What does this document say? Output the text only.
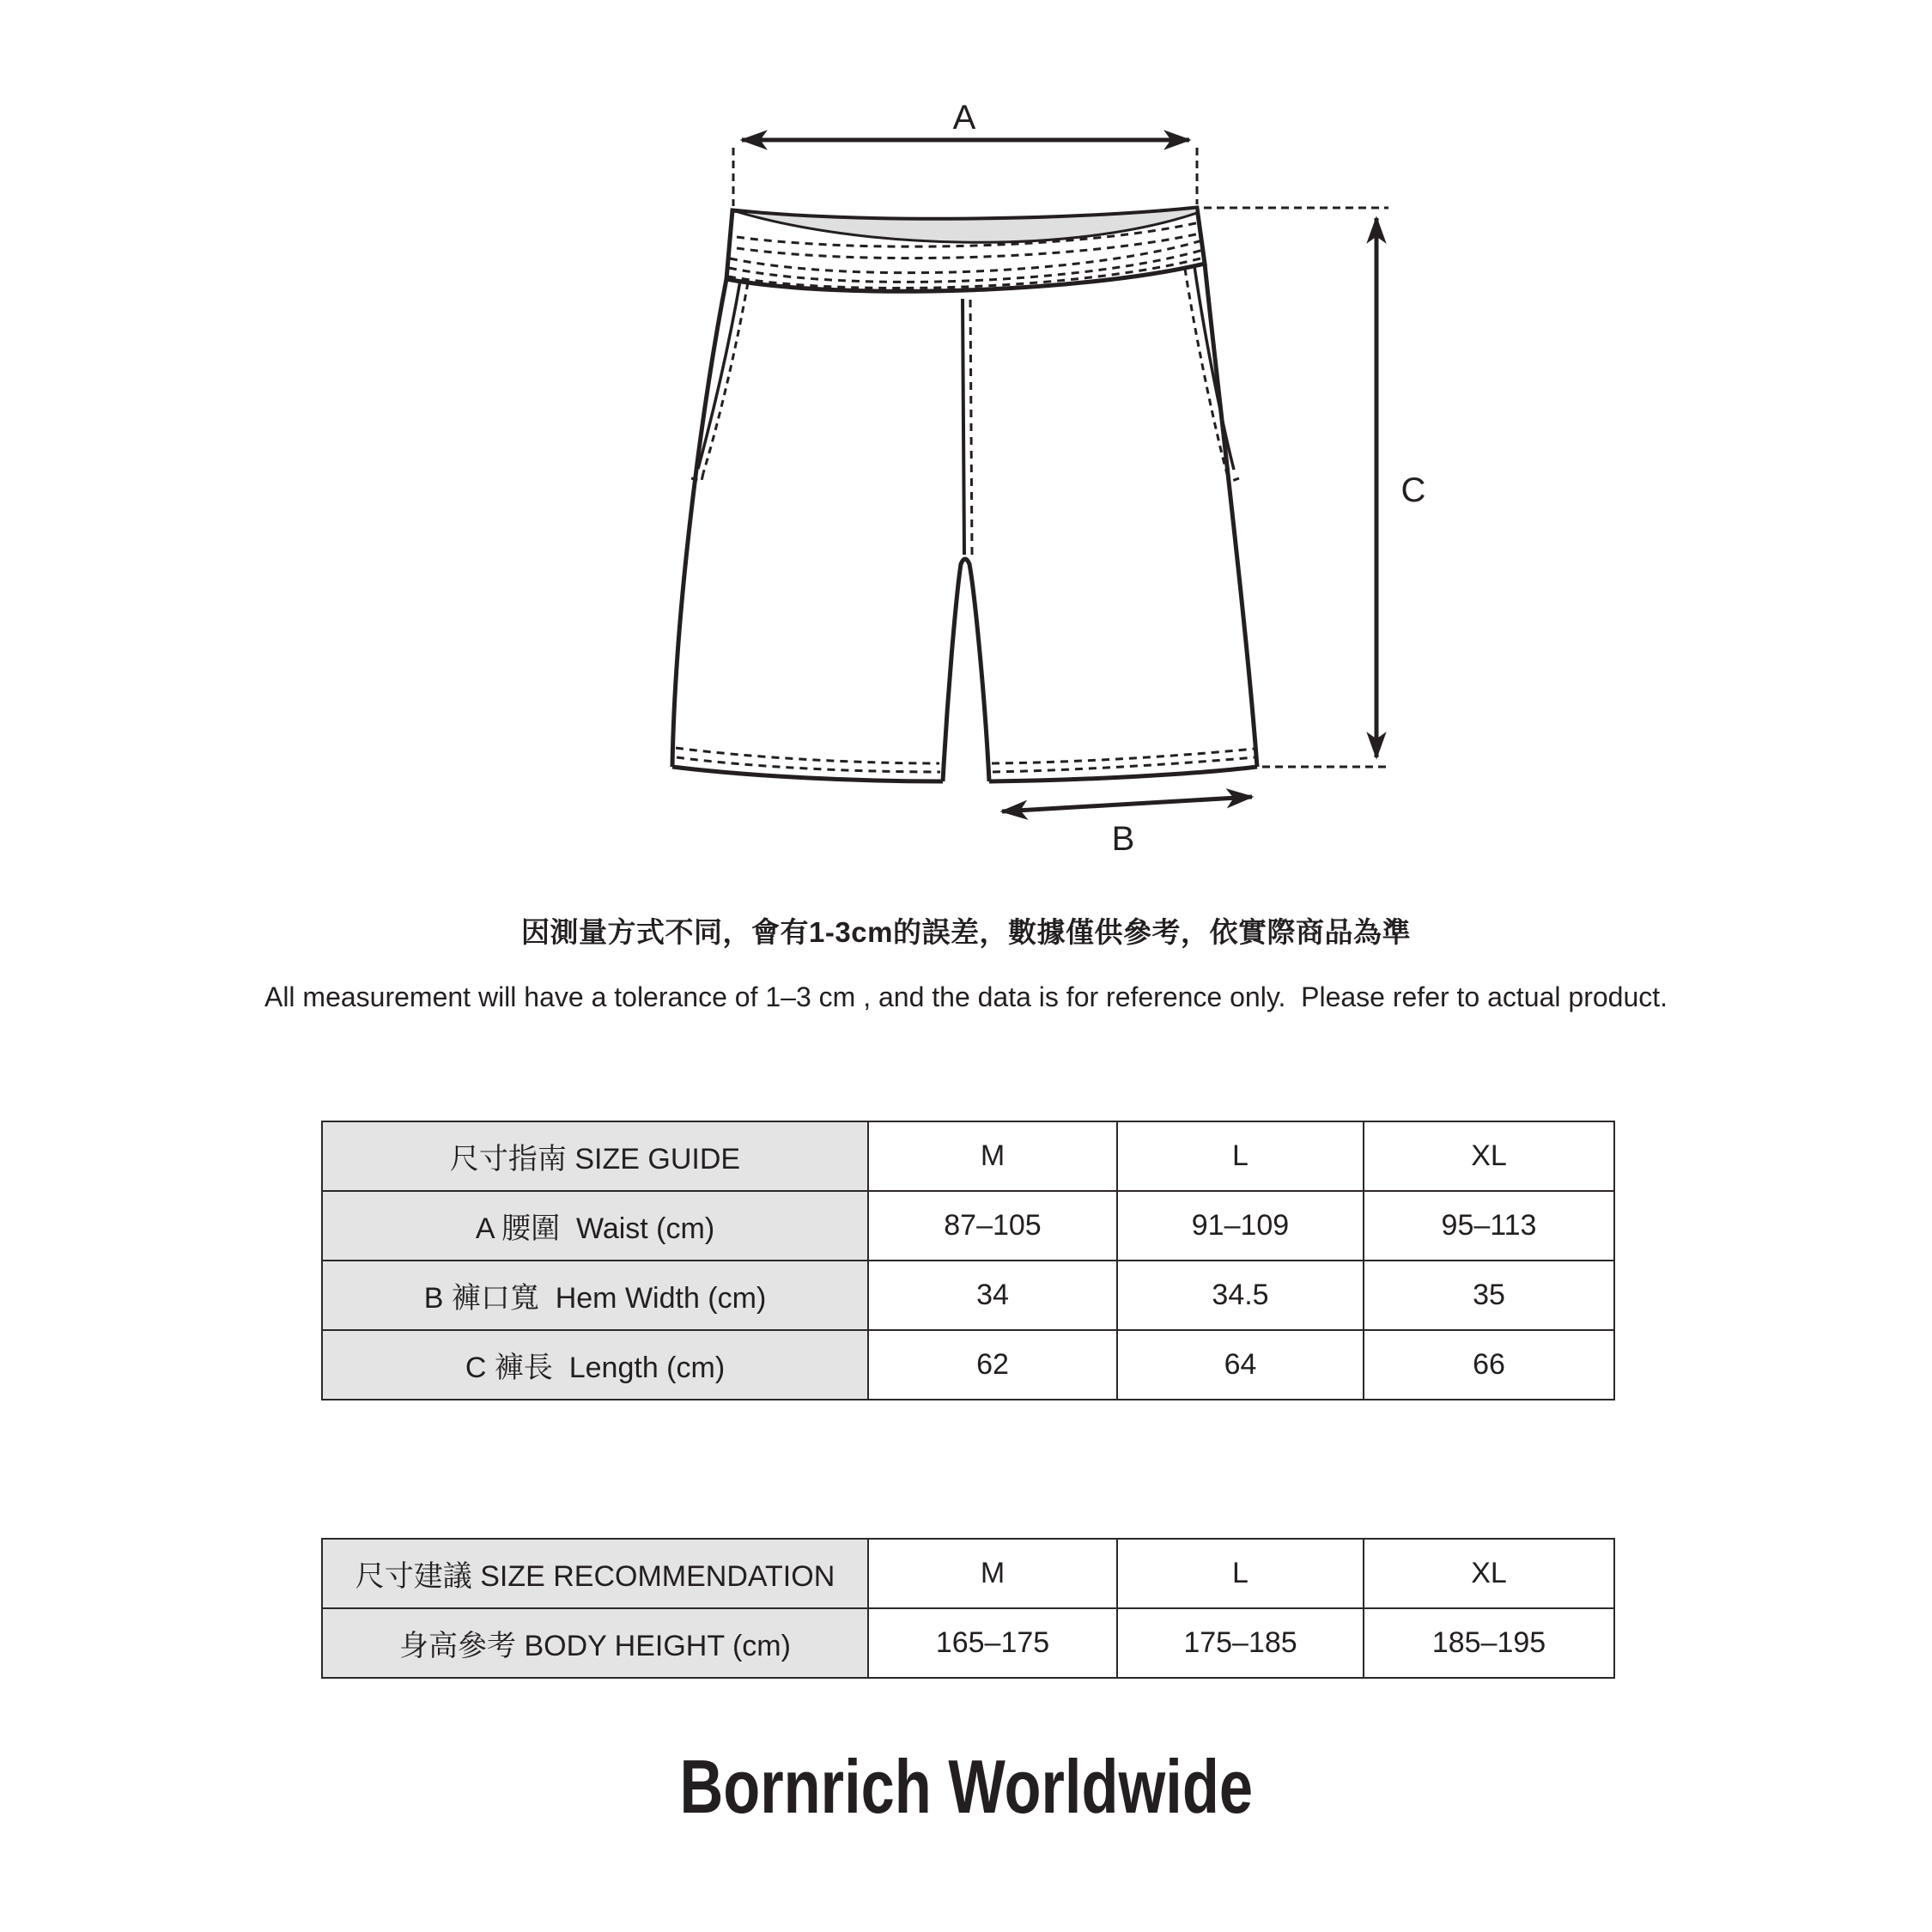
A
C
B
因測量方式不同，會有1-3cm的誤差，數據僅供參考，依實際商品為準
All measurement will have a tolerance of 1–3 cm , and the data is for reference only.  Please refer to actual product.
尺寸指南 SIZE GUIDE	M	L	XL
A 腰圍  Waist (cm)	87–105	91–109	95–113
B 褲口寬  Hem Width (cm)	34	34.5	35
C 褲長  Length (cm)	62	64	66
尺寸建議 SIZE RECOMMENDATION	M	L	XL
身高參考 BODY HEIGHT (cm)	165–175	175–185	185–195
Bornrich Worldwide
